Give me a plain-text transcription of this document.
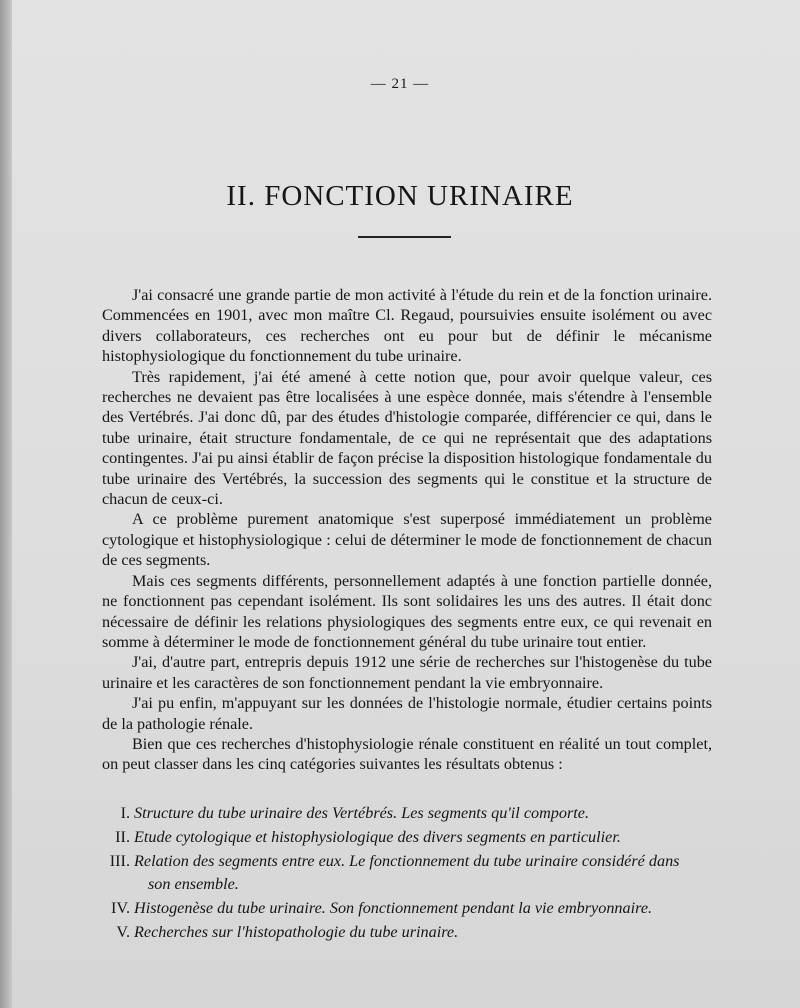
— 21 —
II. FONCTION URINAIRE

J'ai consacré une grande partie de mon activité à l'étude du rein et de la fonction urinaire. Commencées en 1901, avec mon maître Cl. Regaud, poursuivies ensuite isolément ou avec divers collaborateurs, ces recherches ont eu pour but de définir le mécanisme histophysiologique du fonctionnement du tube urinaire.

Très rapidement, j'ai été amené à cette notion que, pour avoir quelque valeur, ces recherches ne devaient pas être localisées à une espèce donnée, mais s'étendre à l'ensemble des Vertébrés. J'ai donc dû, par des études d'histologie comparée, différencier ce qui, dans le tube urinaire, était structure fondamentale, de ce qui ne représentait que des adaptations contingentes. J'ai pu ainsi établir de façon précise la disposition histologique fondamentale du tube urinaire des Vertébrés, la succession des segments qui le constitue et la structure de chacun de ceux-ci.

A ce problème purement anatomique s'est superposé immédiatement un problème cytologique et histophysiologique : celui de déterminer le mode de fonctionnement de chacun de ces segments.

Mais ces segments différents, personnellement adaptés à une fonction partielle donnée, ne fonctionnent pas cependant isolément. Ils sont solidaires les uns des autres. Il était donc nécessaire de définir les relations physiologiques des segments entre eux, ce qui revenait en somme à déterminer le mode de fonctionnement général du tube urinaire tout entier.

J'ai, d'autre part, entrepris depuis 1912 une série de recherches sur l'histogenèse du tube urinaire et les caractères de son fonctionnement pendant la vie embryonnaire.

J'ai pu enfin, m'appuyant sur les données de l'histologie normale, étudier certains points de la pathologie rénale.

Bien que ces recherches d'histophysiologie rénale constituent en réalité un tout complet, on peut classer dans les cinq catégories suivantes les résultats obtenus :

I. Structure du tube urinaire des Vertébrés. Les segments qu'il comporte.
II. Etude cytologique et histophysiologique des divers segments en particulier.
III. Relation des segments entre eux. Le fonctionnement du tube urinaire considéré dans
son ensemble.
IV. Histogenèse du tube urinaire. Son fonctionnement pendant la vie embryonnaire.
V. Recherches sur l'histopathologie du tube urinaire.
